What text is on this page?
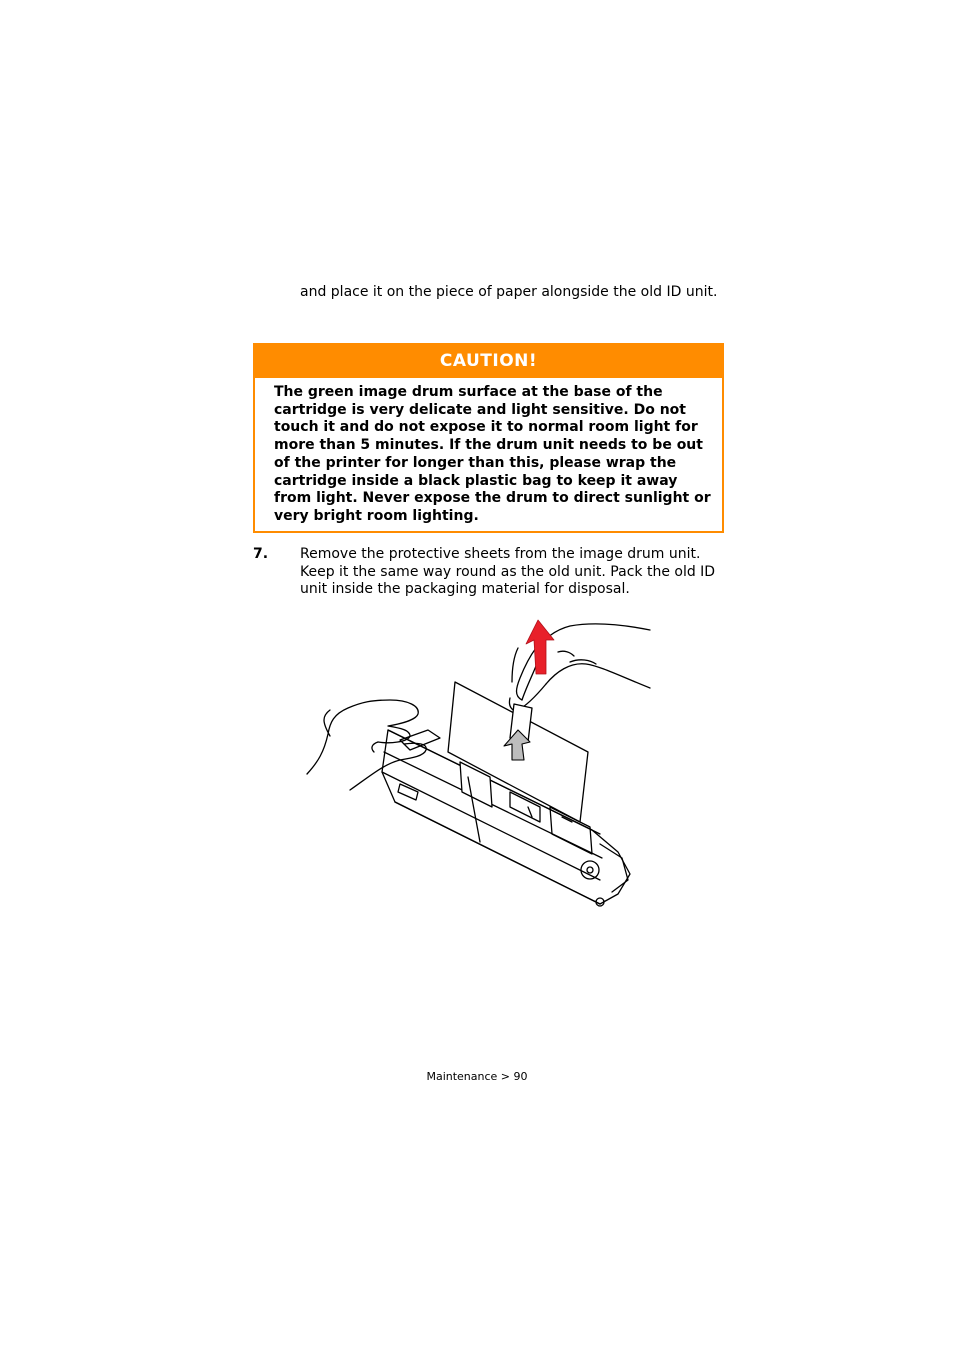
and place it on the piece of paper alongside the old ID unit.

CAUTION!
The green image drum surface at the base of the cartridge is very delicate and light sensitive. Do not touch it and do not expose it to normal room light for more than 5 minutes. If the drum unit needs to be out of the printer for longer than this, please wrap the cartridge inside a black plastic bag to keep it away from light. Never expose the drum to direct sunlight or very bright room lighting.
7. Remove the protective sheets from the image drum unit. Keep it the same way round as the old unit. Pack the old ID unit inside the packaging material for disposal.
Maintenance > 90
